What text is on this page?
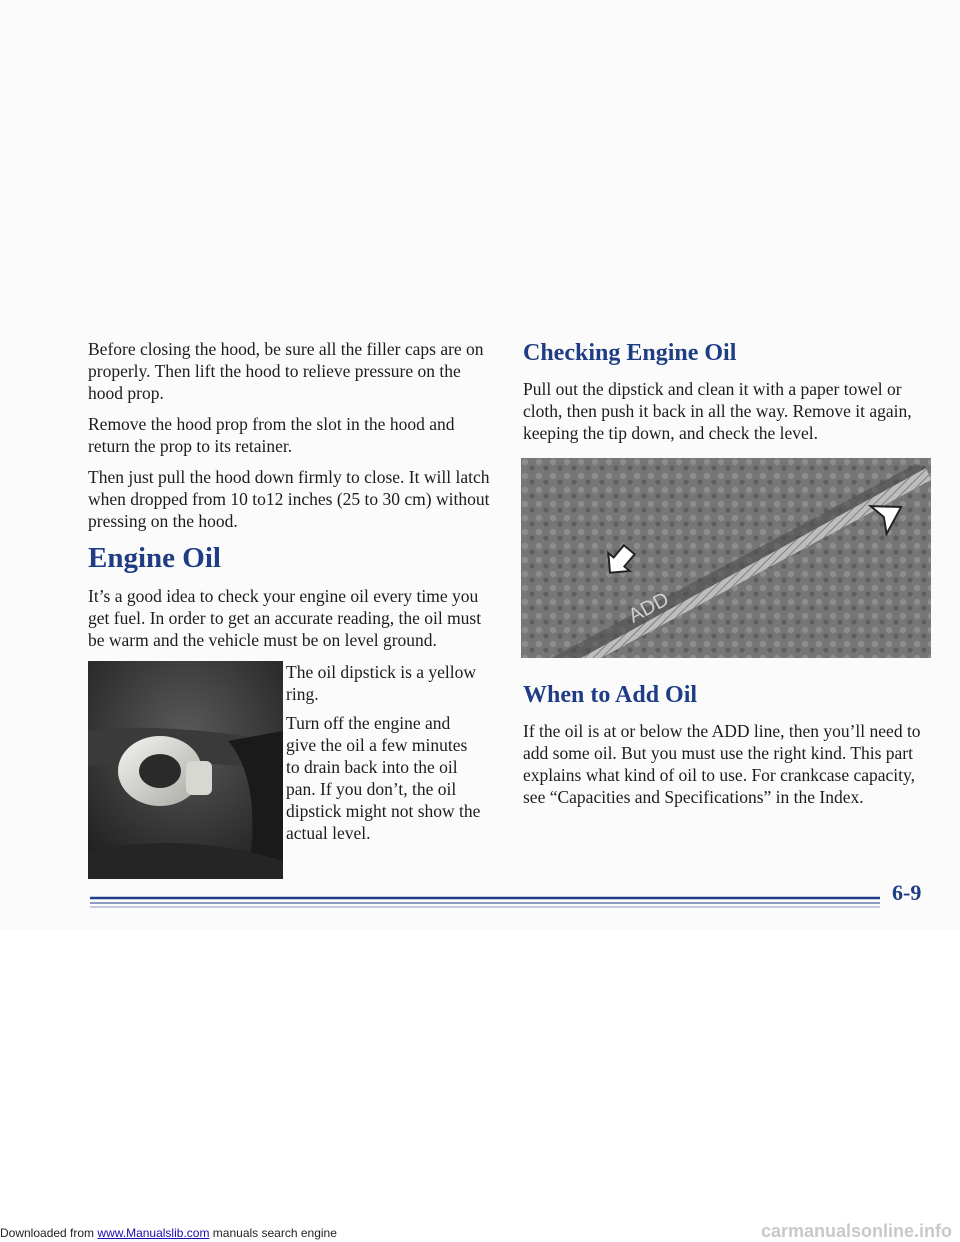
Before closing the hood, be sure all the filler caps are on properly. Then lift the hood to relieve pressure on the hood prop.

Remove the hood prop from the slot in the hood and return the prop to its retainer.

Then just pull the hood down firmly to close. It will latch when dropped from 10 to12 inches (25 to 30 cm) without pressing on the hood.

Engine Oil

It’s a good idea to check your engine oil every time you get fuel. In order to get an accurate reading, the oil must be warm and the vehicle must be on level ground.

The oil dipstick is a yellow ring.

Turn off the engine and give the oil a few minutes to drain back into the oil pan. If you don’t, the oil dipstick might not show the actual level.

Checking Engine Oil

Pull out the dipstick and clean it with a paper towel or cloth, then push it back in all the way. Remove it again, keeping the tip down, and check the level.

ADD
When to Add Oil

If the oil is at or below the ADD line, then you’ll need to add some oil. But you must use the right kind. This part explains what kind of oil to use. For crankcase capacity, see “Capacities and Specifications” in the Index.

6-9
Downloaded from www.Manualslib.com manuals search engine	carmanualsonline.info
